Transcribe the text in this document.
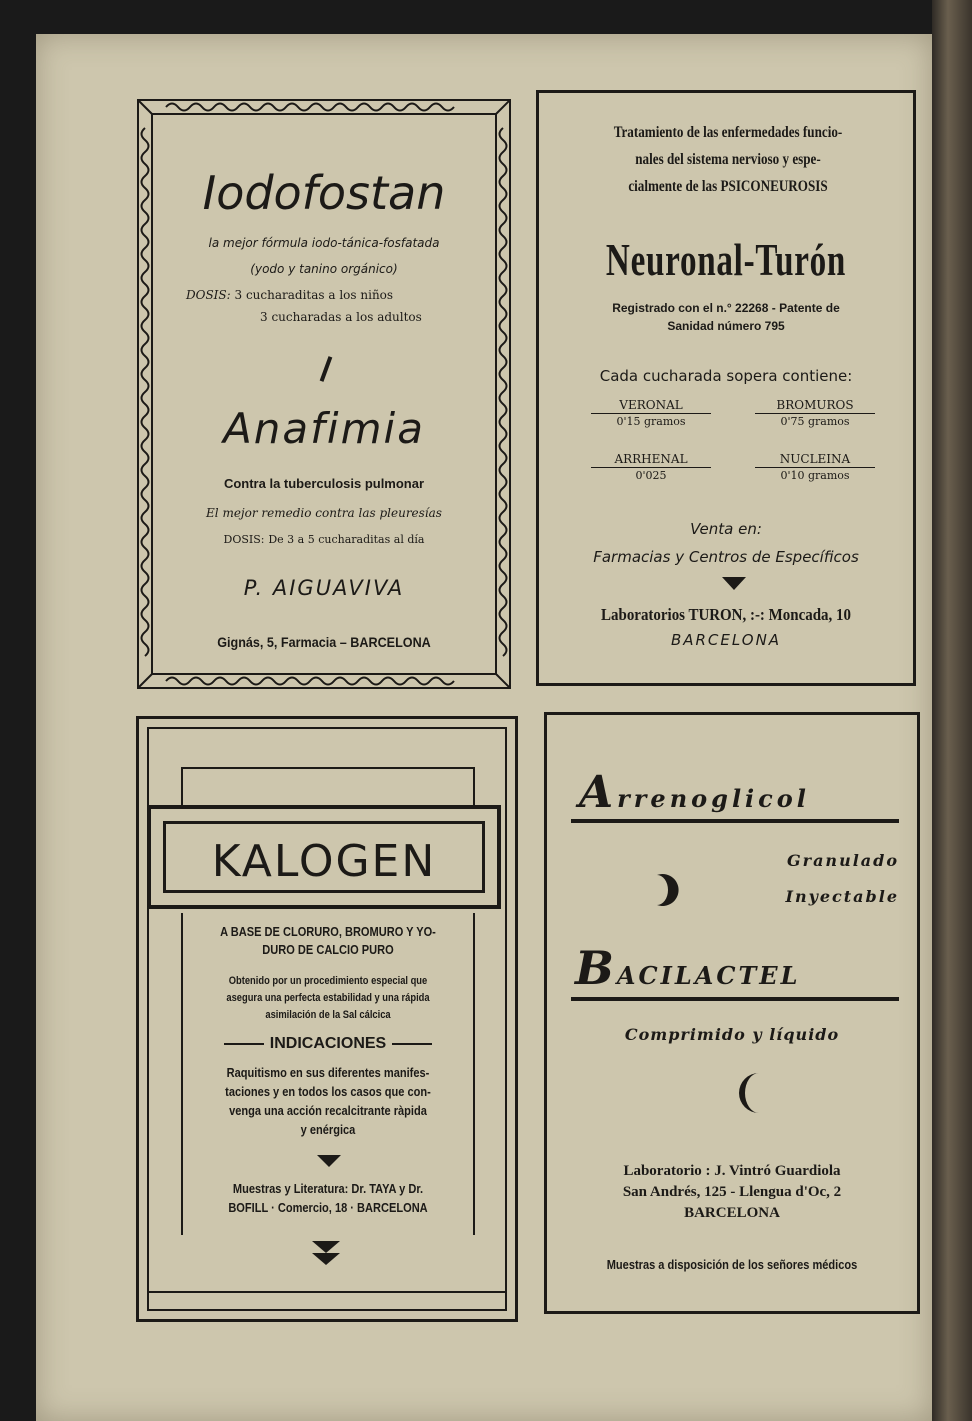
Iodofostan
la mejor fórmula iodo-tánica-fosfatada
(yodo y tanino orgánico)
DOSIS: 3 cucharaditas a los niños
3 cucharadas a los adultos
Anafimia
Contra la tuberculosis pulmonar
El mejor remedio contra las pleuresías
DOSIS: De 3 a 5 cucharaditas al día
P. AIGUAVIVA
Gignás, 5, Farmacia – BARCELONA
Tratamiento de las enfermedades funcio-
nales del sistema nervioso y espe-
cialmente de las PSICONEUROSIS
Neuronal-Turón
Registrado con el n.° 22268 - Patente de
Sanidad número 795
Cada cucharada sopera contiene:
VERONAL
0'15 gramos
BROMUROS
0'75 gramos
ARRHENAL
0'025
NUCLEINA
0'10 gramos
Venta en:
Farmacias y Centros de Específicos
Laboratorios TURON, :-: Moncada, 10
BARCELONA
KALOGEN
A BASE DE CLORURO, BROMURO Y YO-
DURO DE CALCIO PURO
Obtenido por un procedimiento especial que
asegura una perfecta estabilidad y una rápida
asimilación de la Sal cálcica
INDICACIONES
Raquitismo en sus diferentes manifes-
taciones y en todos los casos que con-
venga una acción recalcitrante ràpida
y enérgica
Muestras y Literatura: Dr. TAYA y Dr.
BOFILL · Comercio, 18 · BARCELONA
Arrenoglicol
Granulado
Inyectable
BACILACTEL
Comprimido y líquido
Laboratorio : J. Vintró Guardiola
San Andrés, 125 - Llengua d'Oc, 2
BARCELONA
Muestras a disposición de los señores médicos
